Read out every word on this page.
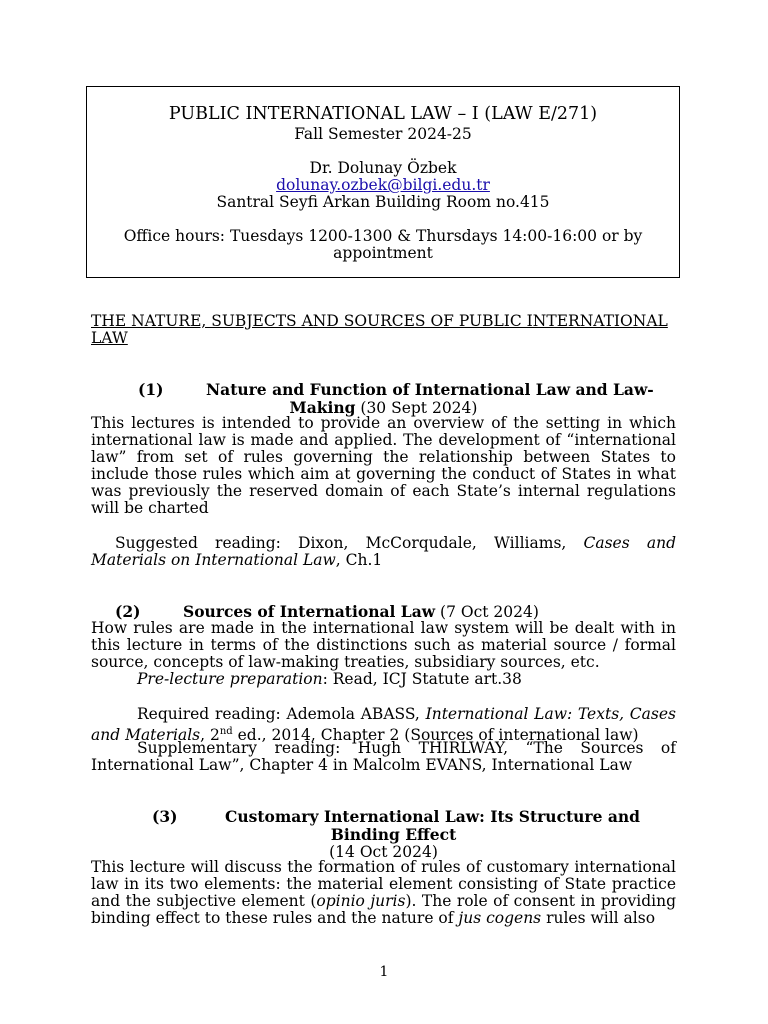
PUBLIC INTERNATIONAL LAW – I (LAW E/271)
Fall Semester 2024-25
Dr. Dolunay Özbek
dolunay.ozbek@bilgi.edu.tr
Santral Seyfi Arkan Building Room no.415
Office hours: Tuesdays 1200-1300 & Thursdays 14:00-16:00 or by
appointment
THE NATURE, SUBJECTS AND SOURCES OF PUBLIC INTERNATIONAL
LAW
(1)	Nature and Function of International Law and Law-
Making (30 Sept 2024)
This lectures is intended to provide an overview of the setting in which international law is made and applied. The development of “international law” from set of rules governing the relationship between States to include those rules which aim at governing the conduct of States in what was previously the reserved domain of each State’s internal regulations will be charted
Suggested reading: Dixon, McCorqudale, Williams, Cases and Materials on International Law, Ch.1
(2)	Sources of International Law (7 Oct 2024)
How rules are made in the international law system will be dealt with in this lecture in terms of the distinctions such as material source / formal source, concepts of law-making treaties, subsidiary sources, etc.
Pre-lecture preparation: Read, ICJ Statute art.38
Required reading: Ademola ABASS, International Law: Texts, Cases and Materials, 2nd ed., 2014, Chapter 2 (Sources of international law)
Supplementary reading: Hugh THIRLWAY, “The Sources of International Law”, Chapter 4 in Malcolm EVANS, International Law
(3)	Customary International Law: Its Structure and
Binding Effect
(14 Oct 2024)
This lecture will discuss the formation of rules of customary international law in its two elements: the material element consisting of State practice and the subjective element (opinio juris). The role of consent in providing binding effect to these rules and the nature of jus cogens rules will also
1
